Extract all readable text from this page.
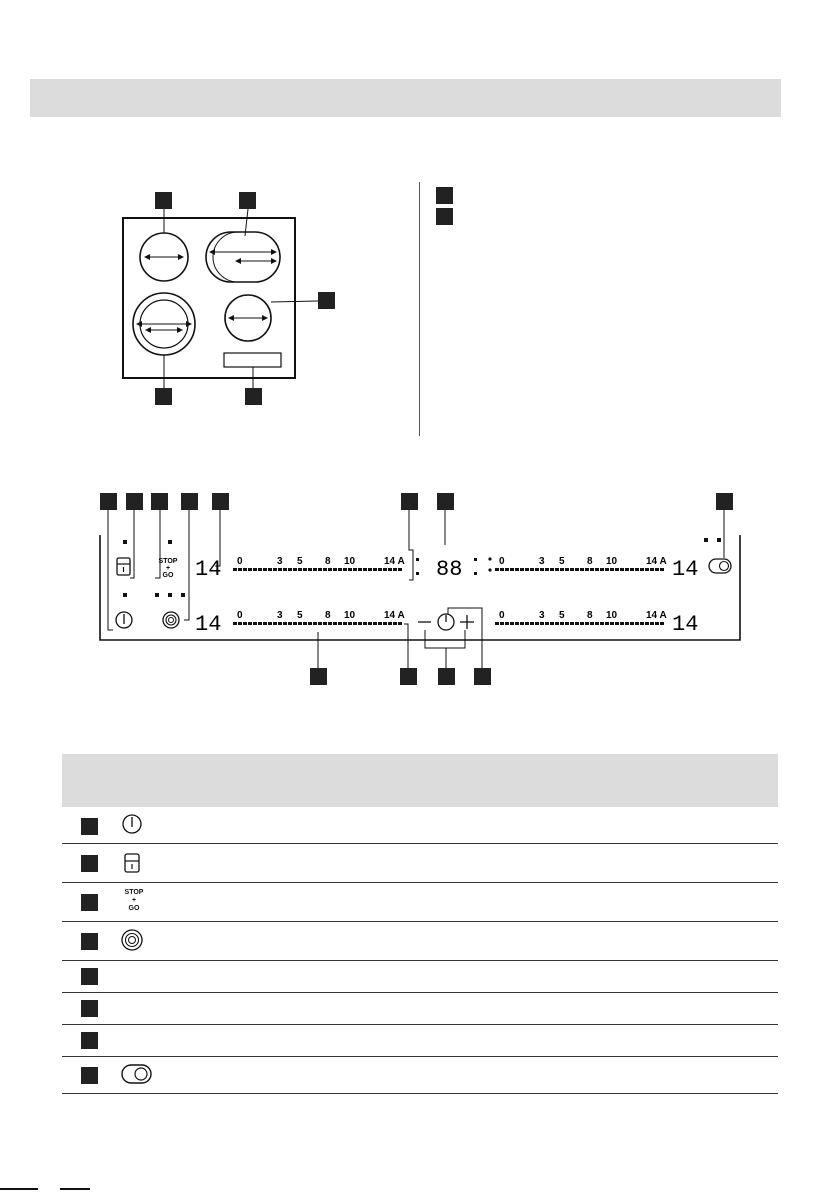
STOP
+
GO 14
14
14
14
88
0	3 5 8 10	14 A
0	3 5 8 10	14 A
0	3 5 8 10	14 A
0	3 5 8 10	14 A
STOP
+
GO
